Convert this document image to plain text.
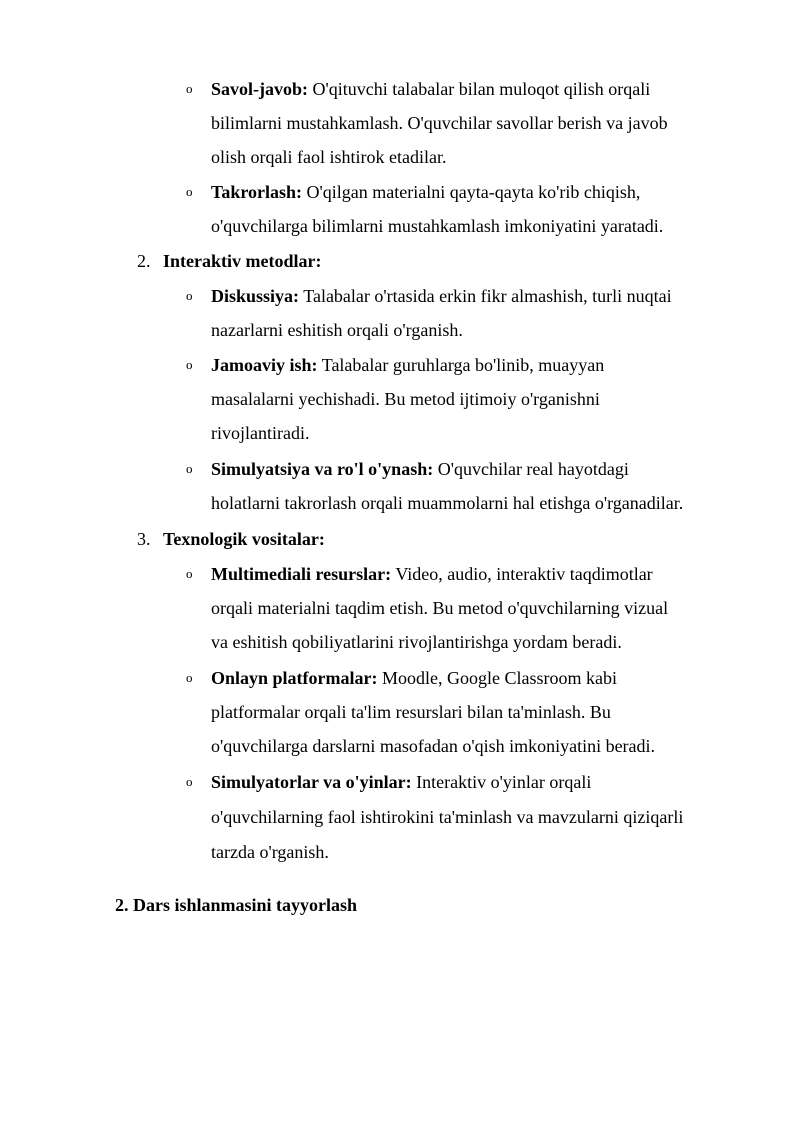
o Savol-javob: O'qituvchi talabalar bilan muloqot qilish orqali
bilimlarni mustahkamlash. O'quvchilar savollar berish va javob
olish orqali faol ishtirok etadilar.
o Takrorlash: O'qilgan materialni qayta-qayta ko'rib chiqish,
o'quvchilarga bilimlarni mustahkamlash imkoniyatini yaratadi.
2. Interaktiv metodlar:
o Diskussiya: Talabalar o'rtasida erkin fikr almashish, turli nuqtai
nazarlarni eshitish orqali o'rganish.
o Jamoaviy ish: Talabalar guruhlarga bo'linib, muayyan
masalalarni yechishadi. Bu metod ijtimoiy o'rganishni
rivojlantiradi.
o Simulyatsiya va ro'l o'ynash: O'quvchilar real hayotdagi
holatlarni takrorlash orqali muammolarni hal etishga o'rganadilar.
3. Texnologik vositalar:
o Multimediali resurslar: Video, audio, interaktiv taqdimotlar
orqali materialni taqdim etish. Bu metod o'quvchilarning vizual
va eshitish qobiliyatlarini rivojlantirishga yordam beradi.
o Onlayn platformalar: Moodle, Google Classroom kabi
platformalar orqali ta'lim resurslari bilan ta'minlash. Bu
o'quvchilarga darslarni masofadan o'qish imkoniyatini beradi.
o Simulyatorlar va o'yinlar: Interaktiv o'yinlar orqali
o'quvchilarning faol ishtirokini ta'minlash va mavzularni qiziqarli
tarzda o'rganish.
2. Dars ishlanmasini tayyorlash
